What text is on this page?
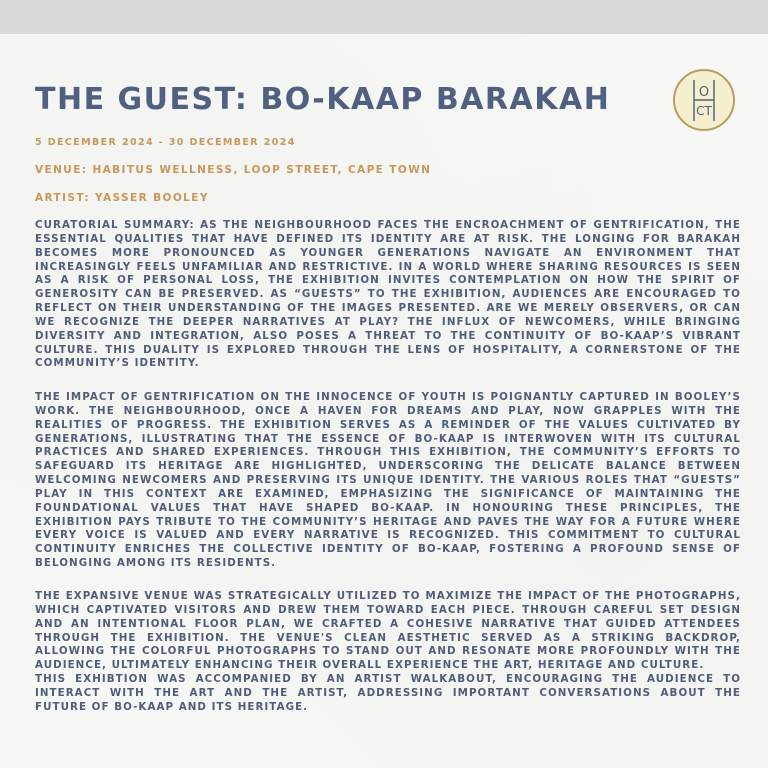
THE GUEST: BO-KAAP BARAKAH	O
CT

5 DECEMBER 2024 - 30 DECEMBER 2024

VENUE: HABITUS WELLNESS, LOOP STREET, CAPE TOWN

ARTIST: YASSER BOOLEY

CURATORIAL SUMMARY: AS THE NEIGHBOURHOOD FACES THE ENCROACHMENT OF GENTRIFICATION, THE ESSENTIAL QUALITIES THAT HAVE DEFINED ITS IDENTITY ARE AT RISK. THE LONGING FOR BARAKAH BECOMES MORE PRONOUNCED AS YOUNGER GENERATIONS NAVIGATE AN ENVIRONMENT THAT INCREASINGLY FEELS UNFAMILIAR AND RESTRICTIVE. IN A WORLD WHERE SHARING RESOURCES IS SEEN AS A RISK OF PERSONAL LOSS, THE EXHIBITION INVITES CONTEMPLATION ON HOW THE SPIRIT OF GENEROSITY CAN BE PRESERVED. AS “GUESTS” TO THE EXHIBITION, AUDIENCES ARE ENCOURAGED TO REFLECT ON THEIR UNDERSTANDING OF THE IMAGES PRESENTED. ARE WE MERELY OBSERVERS, OR CAN WE RECOGNIZE THE DEEPER NARRATIVES AT PLAY? THE INFLUX OF NEWCOMERS, WHILE BRINGING DIVERSITY AND INTEGRATION, ALSO POSES A THREAT TO THE CONTINUITY OF BO-KAAP’S VIBRANT CULTURE. THIS DUALITY IS EXPLORED THROUGH THE LENS OF HOSPITALITY, A CORNERSTONE OF THE COMMUNITY’S IDENTITY.

THE IMPACT OF GENTRIFICATION ON THE INNOCENCE OF YOUTH IS POIGNANTLY CAPTURED IN BOOLEY’S WORK. THE NEIGHBOURHOOD, ONCE A HAVEN FOR DREAMS AND PLAY, NOW GRAPPLES WITH THE REALITIES OF PROGRESS. THE EXHIBITION SERVES AS A REMINDER OF THE VALUES CULTIVATED BY GENERATIONS, ILLUSTRATING THAT THE ESSENCE OF BO-KAAP IS INTERWOVEN WITH ITS CULTURAL PRACTICES AND SHARED EXPERIENCES. THROUGH THIS EXHIBITION, THE COMMUNITY’S EFFORTS TO SAFEGUARD ITS HERITAGE ARE HIGHLIGHTED, UNDERSCORING THE DELICATE BALANCE BETWEEN WELCOMING NEWCOMERS AND PRESERVING ITS UNIQUE IDENTITY. THE VARIOUS ROLES THAT “GUESTS” PLAY IN THIS CONTEXT ARE EXAMINED, EMPHASIZING THE SIGNIFICANCE OF MAINTAINING THE FOUNDATIONAL VALUES THAT HAVE SHAPED BO-KAAP. IN HONOURING THESE PRINCIPLES, THE EXHIBITION PAYS TRIBUTE TO THE COMMUNITY’S HERITAGE AND PAVES THE WAY FOR A FUTURE WHERE EVERY VOICE IS VALUED AND EVERY NARRATIVE IS RECOGNIZED. THIS COMMITMENT TO CULTURAL CONTINUITY ENRICHES THE COLLECTIVE IDENTITY OF BO-KAAP, FOSTERING A PROFOUND SENSE OF BELONGING AMONG ITS RESIDENTS.

THE EXPANSIVE VENUE WAS STRATEGICALLY UTILIZED TO MAXIMIZE THE IMPACT OF THE PHOTOGRAPHS, WHICH CAPTIVATED VISITORS AND DREW THEM TOWARD EACH PIECE. THROUGH CAREFUL SET DESIGN AND AN INTENTIONAL FLOOR PLAN, WE CRAFTED A COHESIVE NARRATIVE THAT GUIDED ATTENDEES THROUGH THE EXHIBITION. THE VENUE'S CLEAN AESTHETIC SERVED AS A STRIKING BACKDROP, ALLOWING THE COLORFUL PHOTOGRAPHS TO STAND OUT AND RESONATE MORE PROFOUNDLY WITH THE AUDIENCE, ULTIMATELY ENHANCING THEIR OVERALL EXPERIENCE THE ART, HERITAGE AND CULTURE.
THIS EXHIBTION WAS ACCOMPANIED BY AN ARTIST WALKABOUT, ENCOURAGING THE AUDIENCE TO INTERACT WITH THE ART AND THE ARTIST, ADDRESSING IMPORTANT CONVERSATIONS ABOUT THE FUTURE OF BO-KAAP AND ITS HERITAGE.
